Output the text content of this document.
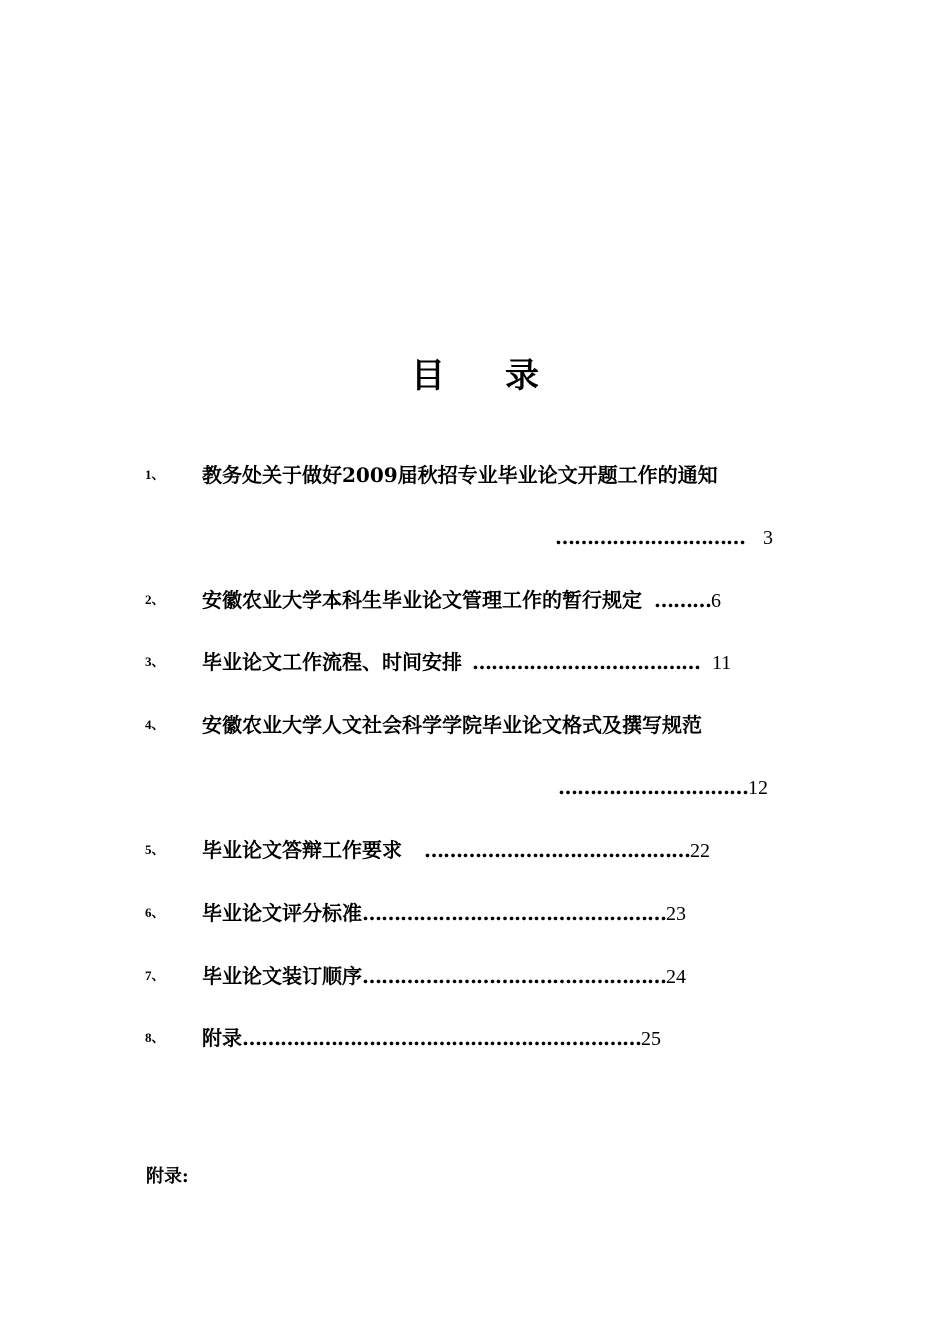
目 录
1、 教务处关于做好2009届秋招专业毕业论文开题工作的通知
………………………… 3
2、 安徽农业大学本科生毕业论文管理工作的暂行规定 ………6
3、 毕业论文工作流程、时间安排 ……………………………… 11
4、 安徽农业大学人文社会科学学院毕业论文格式及撰写规范
…………………………12
5、 毕业论文答辩工作要求 ……………………………………22
6、 毕业论文评分标准…………………………………………23
7、 毕业论文装订顺序…………………………………………24
8、 附录………………………………………………………25
附录:
